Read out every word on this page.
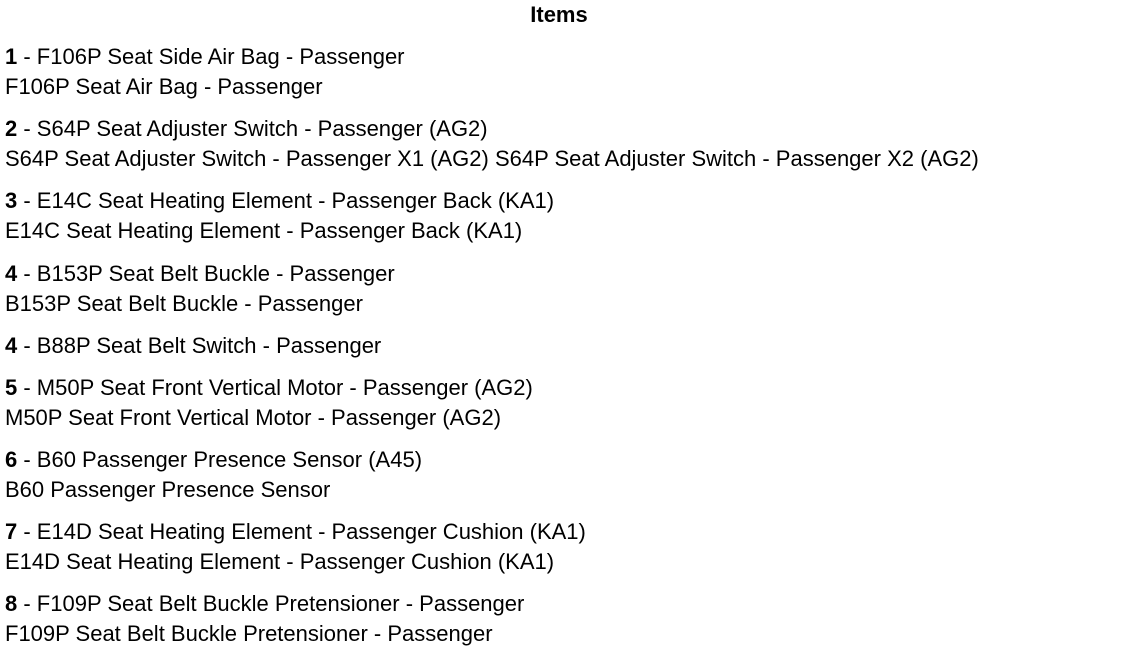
Items
1 - F106P Seat Side Air Bag - Passenger
F106P Seat Air Bag - Passenger
2 - S64P Seat Adjuster Switch - Passenger (AG2)
S64P Seat Adjuster Switch - Passenger X1 (AG2) S64P Seat Adjuster Switch - Passenger X2 (AG2)
3 - E14C Seat Heating Element - Passenger Back (KA1)
E14C Seat Heating Element - Passenger Back (KA1)
4 - B153P Seat Belt Buckle - Passenger
B153P Seat Belt Buckle - Passenger
4 - B88P Seat Belt Switch - Passenger
5 - M50P Seat Front Vertical Motor - Passenger (AG2)
M50P Seat Front Vertical Motor - Passenger (AG2)
6 - B60 Passenger Presence Sensor (A45)
B60 Passenger Presence Sensor
7 - E14D Seat Heating Element - Passenger Cushion (KA1)
E14D Seat Heating Element - Passenger Cushion (KA1)
8 - F109P Seat Belt Buckle Pretensioner - Passenger
F109P Seat Belt Buckle Pretensioner - Passenger
